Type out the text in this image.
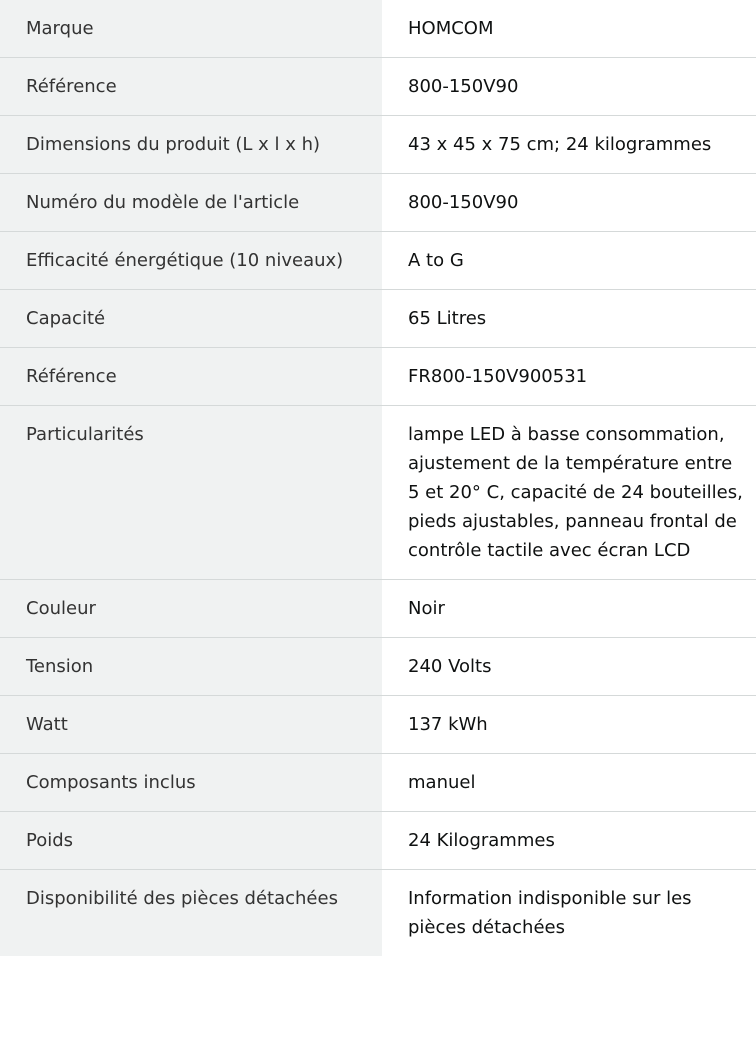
Marque	HOMCOM
Référence	800-150V90
Dimensions du produit (L x l x h)	43 x 45 x 75 cm; 24 kilogrammes
Numéro du modèle de l'article	800-150V90
Efficacité énergétique (10 niveaux)	A to G
Capacité	65 Litres
Référence	FR800-150V900531
Particularités	lampe LED à basse consommation, ajustement de la température entre 5 et 20° C, capacité de 24 bouteilles, pieds ajustables, panneau frontal de contrôle tactile avec écran LCD
Couleur	Noir
Tension	240 Volts
Watt	137 kWh
Composants inclus	manuel
Poids	24 Kilogrammes
Disponibilité des pièces détachées	Information indisponible sur les pièces détachées
